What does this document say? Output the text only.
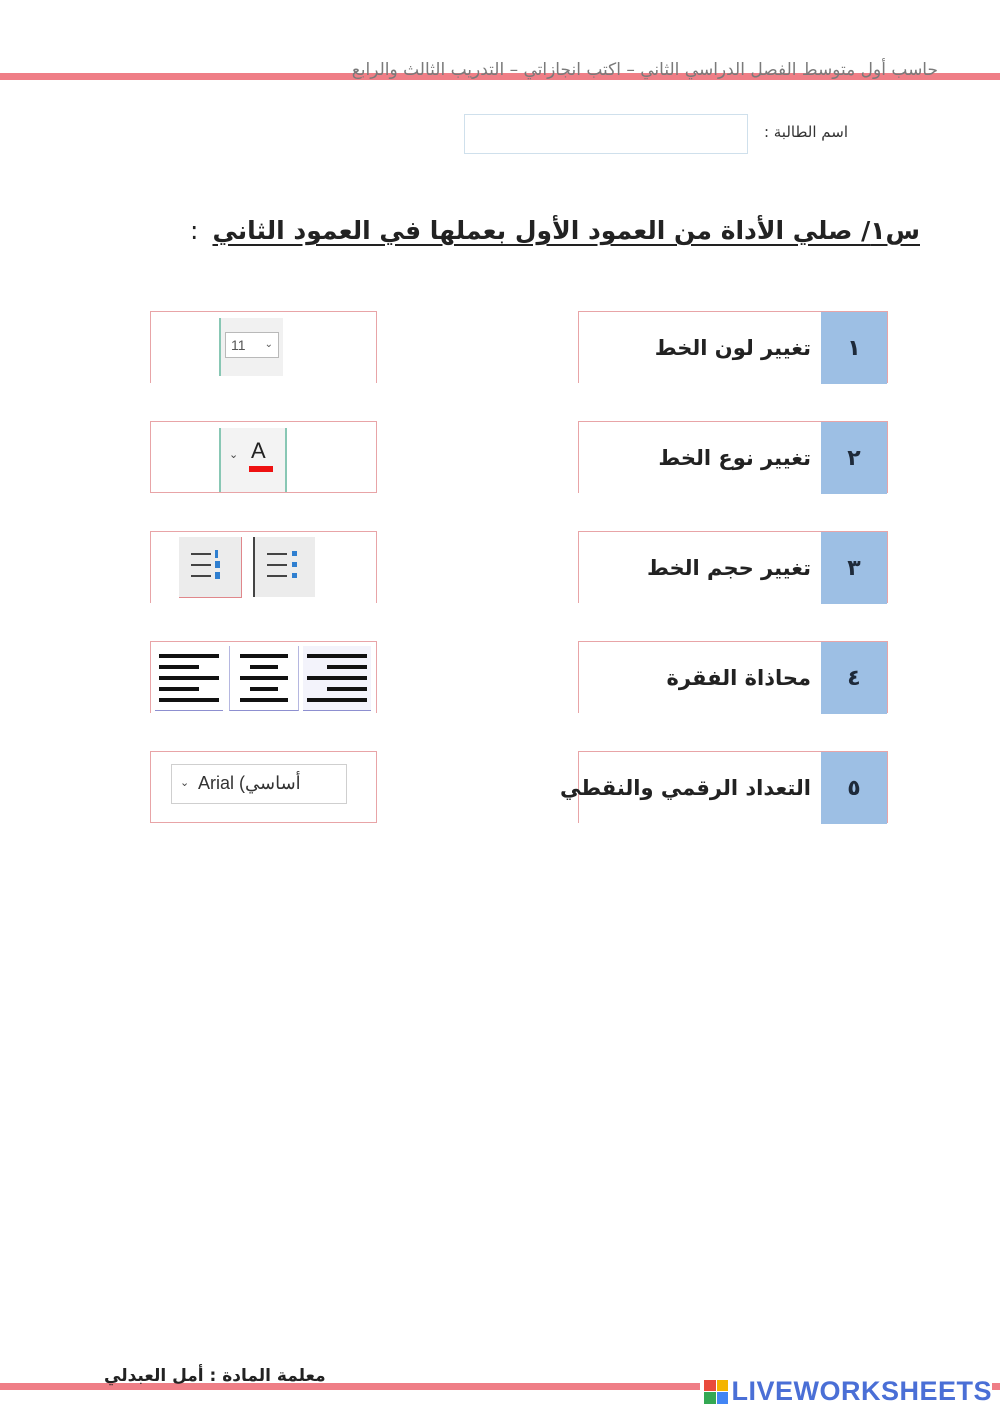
حاسب أول متوسط الفصل الدراسي الثاني – اكتب انجازاتي – التدريب الثالث والرابع
اسم الطالبة :
س١/ صلي الأداة من العمود الأول بعملها في العمود الثاني:
١
تغيير لون الخط
٢
تغيير نوع الخط
٣
تغيير حجم الخط
٤
محاذاة الفقرة
٥
التعداد الرقمي والنقطي
11 ⌄
⌄ A
⌄ Arial (أساسي
معلمة المادة : أمل العبدلي	LIVEWORKSHEETS
